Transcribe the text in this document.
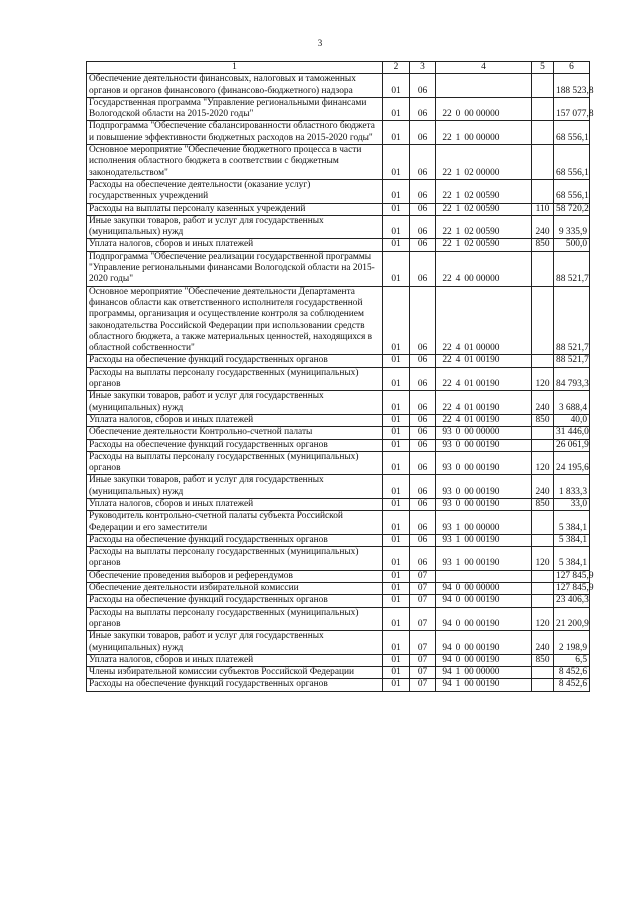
3
1	2	3	4	5	6
Обеспечение деятельности финансовых, налоговых и таможенных органов и органов финансового (финансово-бюджетного) надзора	01	06			188 523,8
Государственная программа "Управление региональными финансами Вологодской области на 2015-2020 годы"	01	06	22 0 00 00000		157 077,8
Подпрограмма "Обеспечение сбалансированности областного бюджета и повышение эффективности бюджетных расходов на 2015-2020 годы"	01	06	22 1 00 00000		68 556,1
Основное мероприятие "Обеспечение бюджетного процесса в части исполнения областного бюджета в соответствии с бюджетным законодательством"	01	06	22 1 02 00000		68 556,1
Расходы на обеспечение деятельности (оказание услуг) государственных учреждений	01	06	22 1 02 00590		68 556,1
Расходы на выплаты персоналу казенных учреждений	01	06	22 1 02 00590	110	58 720,2
Иные закупки товаров, работ и услуг для государственных (муниципальных) нужд	01	06	22 1 02 00590	240	9 335,9
Уплата налогов, сборов и иных платежей	01	06	22 1 02 00590	850	500,0
Подпрограмма "Обеспечение реализации государственной программы "Управление региональными финансами Вологодской области на 2015-2020 годы"	01	06	22 4 00 00000		88 521,7
Основное мероприятие "Обеспечение деятельности Департамента финансов области как ответственного исполнителя государственной программы, организация и осуществление контроля за соблюдением законодательства Российской Федерации при использовании средств областного бюджета, а также материальных ценностей, находящихся в областной собственности"	01	06	22 4 01 00000		88 521,7
Расходы на обеспечение функций государственных органов	01	06	22 4 01 00190		88 521,7
Расходы на выплаты персоналу государственных (муниципальных) органов	01	06	22 4 01 00190	120	84 793,3
Иные закупки товаров, работ и услуг для государственных (муниципальных) нужд	01	06	22 4 01 00190	240	3 688,4
Уплата налогов, сборов и иных платежей	01	06	22 4 01 00190	850	40,0
Обеспечение деятельности Контрольно-счетной палаты	01	06	93 0 00 00000		31 446,0
Расходы на обеспечение функций государственных органов	01	06	93 0 00 00190		26 061,9
Расходы на выплаты персоналу государственных (муниципальных) органов	01	06	93 0 00 00190	120	24 195,6
Иные закупки товаров, работ и услуг для государственных (муниципальных) нужд	01	06	93 0 00 00190	240	1 833,3
Уплата налогов, сборов и иных платежей	01	06	93 0 00 00190	850	33,0
Руководитель контрольно-счетной палаты субъекта Российской Федерации и его заместители	01	06	93 1 00 00000		5 384,1
Расходы на обеспечение функций государственных органов	01	06	93 1 00 00190		5 384,1
Расходы на выплаты персоналу государственных (муниципальных) органов	01	06	93 1 00 00190	120	5 384,1
Обеспечение проведения выборов и референдумов	01	07			127 845,9
Обеспечение деятельности избирательной комиссии	01	07	94 0 00 00000		127 845,9
Расходы на обеспечение функций государственных органов	01	07	94 0 00 00190		23 406,3
Расходы на выплаты персоналу государственных (муниципальных) органов	01	07	94 0 00 00190	120	21 200,9
Иные закупки товаров, работ и услуг для государственных (муниципальных) нужд	01	07	94 0 00 00190	240	2 198,9
Уплата налогов, сборов и иных платежей	01	07	94 0 00 00190	850	6,5
Члены избирательной комиссии субъектов Российской Федерации	01	07	94 1 00 00000		8 452,6
Расходы на обеспечение функций государственных органов	01	07	94 1 00 00190		8 452,6
